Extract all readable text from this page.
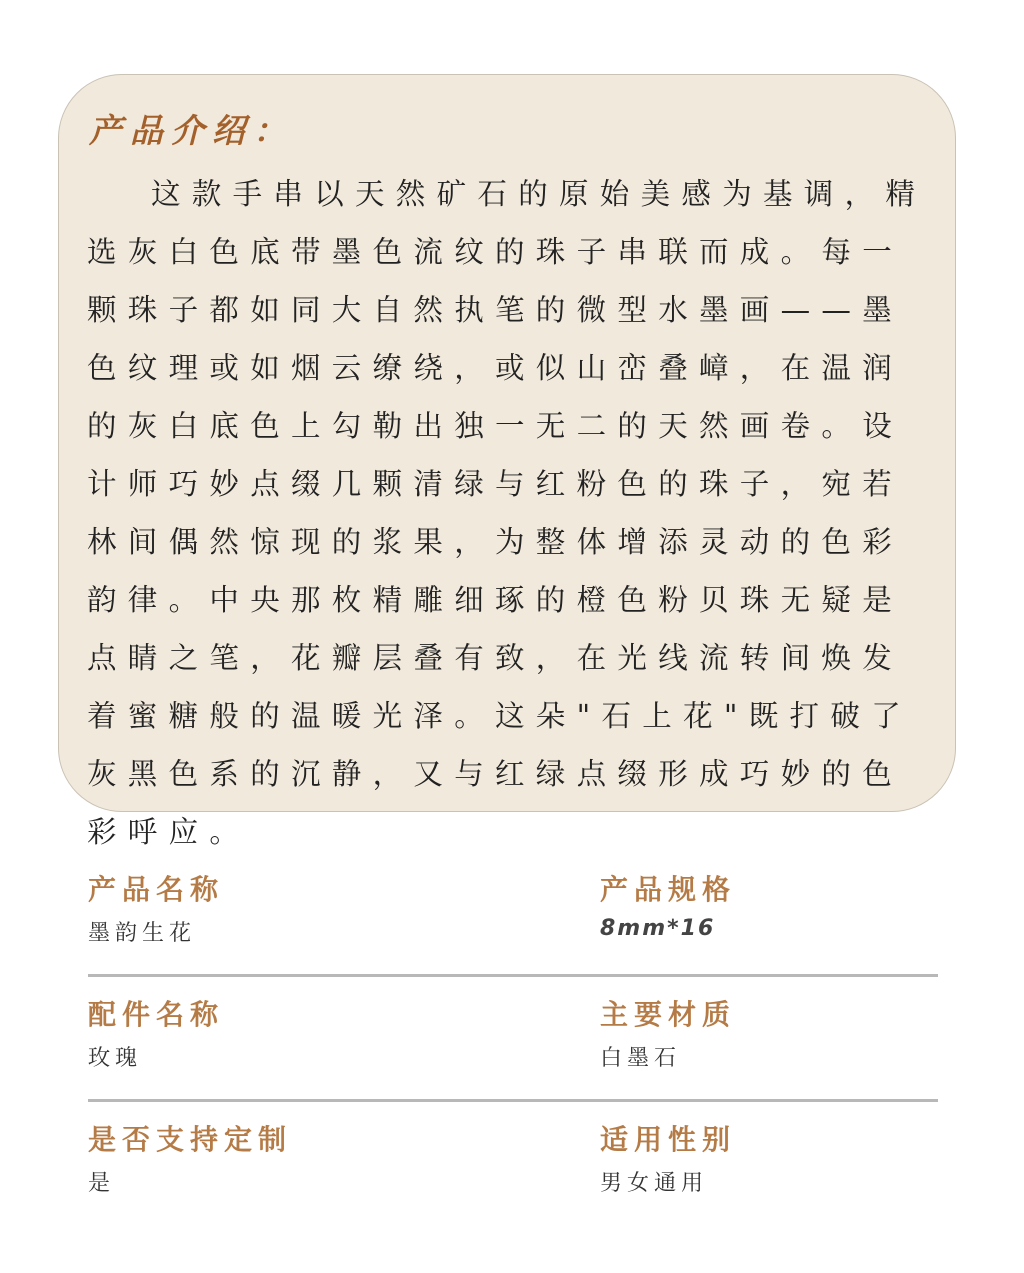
产品介绍：

这款手串以天然矿石的原始美感为基调，精选灰白色底带墨色流纹的珠子串联而成。每一颗珠子都如同大自然执笔的微型水墨画——墨色纹理或如烟云缭绕，或似山峦叠嶂，在温润的灰白底色上勾勒出独一无二的天然画卷。设计师巧妙点缀几颗清绿与红粉色的珠子，宛若林间偶然惊现的浆果，为整体增添灵动的色彩韵律。中央那枚精雕细琢的橙色粉贝珠无疑是点睛之笔，花瓣层叠有致，在光线流转间焕发着蜜糖般的温暖光泽。这朵"石上花"既打破了灰黑色系的沉静，又与红绿点缀形成巧妙的色彩呼应。

产品名称
墨韵生花
产品规格
8mm*16
配件名称
玫瑰
主要材质
白墨石
是否支持定制
是
适用性别
男女通用
